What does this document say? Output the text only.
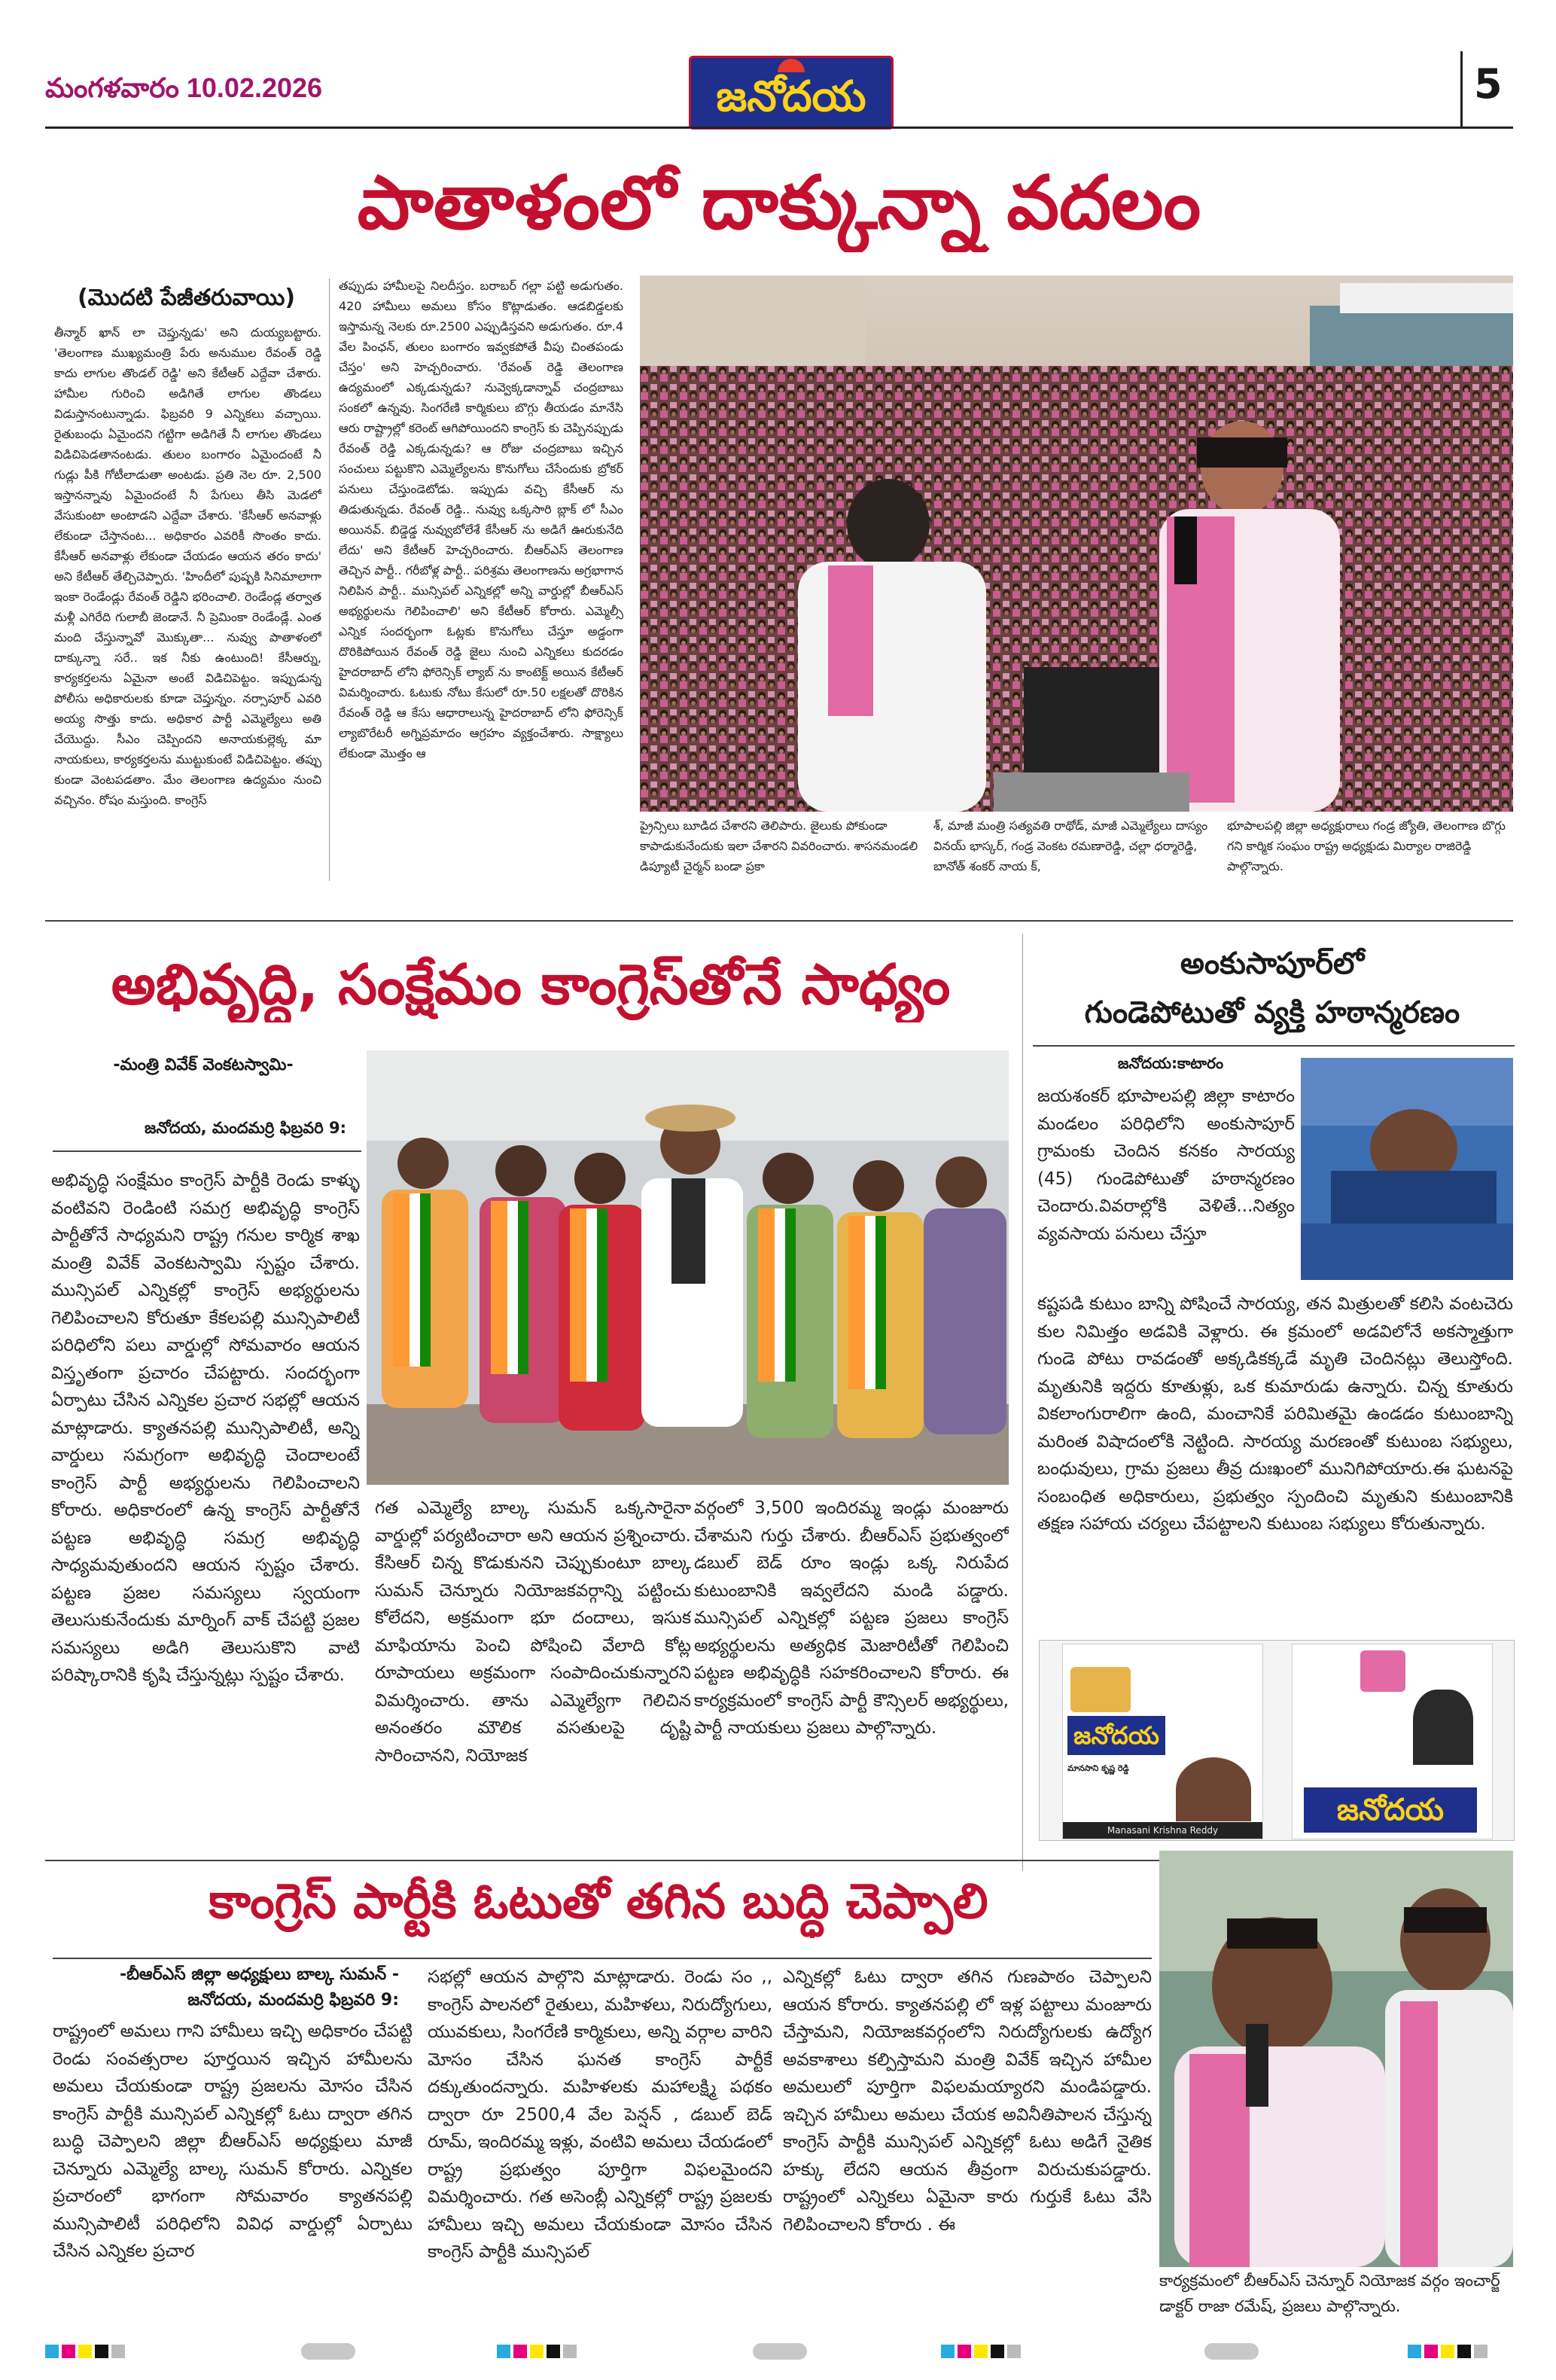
మంగళవారం 10.02.2026	జనోదయ	5
పాతాళంలో దాక్కున్నా వదలం
(మొదటి పేజీతరువాయి)
తీన్మార్ ఖాన్ లా చెప్తున్నడు' అని దుయ్యబట్టారు. 'తెలంగాణ ముఖ్యమంత్రి పేరు అనుముల రేవంత్ రెడ్డి కాదు లాగుల తొండల్ రెడ్డి' అని కేటీఆర్ ఎద్దేవా చేశారు. హామీల గురించి అడిగితే లాగుల తొండలు విడుస్తానంటున్నాడు. ఫిబ్రవరి 9 ఎన్నికలు వచ్చాయి. రైతుబంధు ఏమైందని గట్టిగా అడిగితే నీ లాగుల తొండలు విడిచిపెడతానంటడు. తులం బంగారం ఏమైందంటే నీ గుడ్లు పీకి గోటీలాడుతా అంటడు. ప్రతి నెల రూ. 2,500 ఇస్తానన్నావు ఏమైందంటే నీ పేగులు తీసి మెడలో వేసుకుంటా అంటాడని ఎద్దేవా చేశారు. 'కేసీఆర్ అనవాళ్లు లేకుండా చేస్తానంట... అధికారం ఎవరికీ సొంతం కాదు. కేసీఆర్ అనవాళ్లు లేకుండా చేయడం ఆయన తరం కాదు' అని కేటీఆర్ తేల్చిచెప్పారు. 'హిందీలో పుష్పకి సినిమాలాగా ఇంకా రెండేండ్లు రేవంత్ రెడ్డిని భరించాలి. రెండేండ్ల తర్వాత మళ్లీ ఎగిరేది గులాబీ జెండానే. నీ ప్రెమింకా రెండేండ్లే. ఎంత మంది చేస్తున్నావో మొక్కుతా... నువ్వు పాతాళంలో దాక్కున్నా సరే.. ఇక నీకు ఉంటుంది! కేసీఆర్ను, కార్యకర్తలను ఏమైనా అంటే విడిచిపెట్టం. ఇప్పుడున్న పోలీసు అధికారులకు కూడా చెప్తున్నం. నర్సాపూర్ ఎవరి అయ్య సొత్తు కాదు. అధికార పార్టీ ఎమ్మెల్యేలు అతి చేయొద్దు. సీఎం చెప్పిందని అనాయకుల్లెక్క మా నాయకులు, కార్యకర్తలను ముట్టుకుంటే విడిచిపెట్టం. తప్పు కుండా వెంటపడతాం. మేం తెలంగాణ ఉద్యమం నుంచి వచ్చినం. రోషం మస్తుంది. కాంగ్రెస్
తప్పుడు హామీలపై నిలదీస్తం. బరాబర్ గల్లా పట్టి అడుగుతం. 420 హామీలు అమలు కోసం కొట్లాడుతం. ఆడబిడ్డలకు ఇస్తామన్న నెలకు రూ.2500 ఎప్పుడిస్తవని అడుగుతం. రూ.4 వేల పింఛన్, తులం బంగారం ఇవ్వకపోతే వీపు చింతపండు చేస్తం' అని హెచ్చరించారు. 'రేవంత్ రెడ్డి తెలంగాణ ఉద్యమంలో ఎక్కడున్నడు? నువ్వెక్కడాన్నావ్ చంద్రబాబు సంకలో ఉన్నవు. సింగరేణి కార్మికులు బొగ్గు తీయడం మానేసి ఆరు రాష్ట్రాల్లో కరెంట్ ఆగిపోయిందని కాంగ్రెస్ కు చెప్పినప్పుడు రేవంత్ రెడ్డి ఎక్కడున్నడు? ఆ రోజు చంద్రబాబు ఇచ్చిన సంచులు పట్టుకొని ఎమ్మెల్యేలను కొనుగోలు చేసేందుకు బ్రోకర్ పనులు చేస్తుండెటోడు. ఇప్పుడు వచ్చి కేసీఆర్ ను తిడుతున్నడు. రేవంత్ రెడ్డి.. నువ్వు ఒక్కసారి బ్లాక్ లో సీఎం అయినవ్. బిడ్డెడ్డ నువ్వుబోలేశే కేసీఆర్ ను అడిగే ఊరుకునేది లేదు' అని కేటీఆర్ హెచ్చరించారు. బీఆర్ఎస్ తెలంగాణ తెచ్చిన పార్టీ.. గరీబోళ్ల పార్టీ.. పరిశ్రమ తెలంగాణను అగ్రభాగాన నిలిపిన పార్టీ.. మున్సిపల్ ఎన్నికల్లో అన్ని వార్డుల్లో బీఆర్ఎస్ అభ్యర్థులను గెలిపించాలి' అని కేటీఆర్ కోరారు. ఎమ్మెల్సీ ఎన్నిక సందర్భంగా ఓట్లకు కొనుగోలు చేస్తూ అడ్డంగా దొరికిపోయిన రేవంత్ రెడ్డి జైలు నుంచి ఎన్నికలు కుదరడం హైదరాబాద్ లోని ఫోరెన్సిక్ ల్యాబ్ ను కాంటెక్ట్ అయిన కేటీఆర్ విమర్శించారు. ఓటుకు నోటు కేసులో రూ.50 లక్షలతో దొరికిన రేవంత్ రెడ్డి ఆ కేసు ఆధారాలున్న హైదరాబాద్ లోని ఫోరెన్సిక్ ల్యాబొరేటరీ అగ్నిప్రమాదం ఆగ్రహం వ్యక్తంచేశారు. సాక్ష్యాలు లేకుండా మొత్తం ఆ
ప్రైన్సిలు బూడిద చేశారని తెలిపారు. జైలుకు పోకుండా కాపాడుకునేందుకు ఇలా చేశారని వివరించారు. శాసనమండలి డిప్యూటీ చైర్మన్ బండా ప్రకా
శ్, మాజీ మంత్రి సత్యవతి రాథోడ్, మాజీ ఎమ్మెల్యేలు దాస్యం వినయ్ భాస్కర్, గండ్ర వెంకట రమణారెడ్డి, చల్లా ధర్మారెడ్డి, బానోత్ శంకర్ నాయ క్,
భూపాలపల్లి జిల్లా అధ్యక్షురాలు గండ్ర జ్యోతి, తెలంగాణ బొగ్గు గని కార్మిక సంఘం రాష్ట్ర అధ్యక్షుడు మిర్యాల రాజిరెడ్డి పాల్గొన్నారు.
అభివృద్ధి, సంక్షేమం కాంగ్రెస్‌తోనే సాధ్యం
-మంత్రి వివేక్ వెంకటస్వామి-
జనోదయ, మందమర్రి ఫిబ్రవరి 9:
అభివృద్ధి సంక్షేమం కాంగ్రెస్ పార్టీకి రెండు కాళ్ళు వంటివని రెండింటి సమగ్ర అభివృద్ధి కాంగ్రెస్ పార్టీతోనే సాధ్యమని రాష్ట్ర గనుల కార్మిక శాఖ మంత్రి వివేక్ వెంకటస్వామి స్పష్టం చేశారు. మున్సిపల్ ఎన్నికల్లో కాంగ్రెస్ అభ్యర్థులను గెలిపించాలని కోరుతూ కేకలపల్లి మున్సిపాలిటీ పరిధిలోని పలు వార్డుల్లో సోమవారం ఆయన విస్తృతంగా ప్రచారం చేపట్టారు. సందర్భంగా ఏర్పాటు చేసిన ఎన్నికల ప్రచార సభల్లో ఆయన మాట్లాడారు. క్యాతనపల్లి మున్సిపాలిటీ, అన్ని వార్డులు సమగ్రంగా అభివృద్ధి చెందాలంటే కాంగ్రెస్ పార్టీ అభ్యర్థులను గెలిపించాలని కోరారు. అధికారంలో ఉన్న కాంగ్రెస్ పార్టీతోనే పట్టణ అభివృద్ధి సమగ్ర అభివృద్ధి సాధ్యమవుతుందని ఆయన స్పష్టం చేశారు. పట్టణ ప్రజల సమస్యలు స్వయంగా తెలుసుకునేందుకు మార్నింగ్ వాక్ చేపట్టి ప్రజల సమస్యలు అడిగి తెలుసుకొని వాటి పరిష్కారానికి కృషి చేస్తున్నట్లు స్పష్టం చేశారు.
గత ఎమ్మెల్యే బాల్క సుమన్ ఒక్కసారైనా వార్డుల్లో పర్యటించారా అని ఆయన ప్రశ్నించారు. కేసిఆర్ చిన్న కొడుకునని చెప్పుకుంటూ బాల్క సుమన్ చెన్నూరు నియోజకవర్గాన్ని పట్టించు కోలేదని, అక్రమంగా భూ దందాలు, ఇసుక మాఫియాను పెంచి పోషించి వేలాది కోట్ల రూపాయలు అక్రమంగా సంపాదించుకున్నారని విమర్శించారు. తాను ఎమ్మెల్యేగా గెలిచిన అనంతరం మౌలిక వసతులపై దృష్టి సారించానని, నియోజక
వర్గంలో 3,500 ఇందిరమ్మ ఇండ్లు మంజూరు చేశామని గుర్తు చేశారు. బీఆర్ఎస్ ప్రభుత్వంలో డబుల్ బెడ్ రూం ఇండ్లు ఒక్క నిరుపేద కుటుంబానికి ఇవ్వలేదని మండి పడ్డారు. మున్సిపల్ ఎన్నికల్లో పట్టణ ప్రజలు కాంగ్రెస్ అభ్యర్థులను అత్యధిక మెజారిటీతో గెలిపించి పట్టణ అభివృద్ధికి సహకరించాలని కోరారు. ఈ కార్యక్రమంలో కాంగ్రెస్ పార్టీ కౌన్సిలర్ అభ్యర్థులు, పార్టీ నాయకులు ప్రజలు పాల్గొన్నారు.
అంకుసాపూర్‌లో
గుండెపోటుతో వ్యక్తి హఠాన్మరణం
జనోదయ:కాటారం
జయశంకర్ భూపాలపల్లి జిల్లా కాటారం మండలం పరిధిలోని అంకుసాపూర్ గ్రామంకు చెందిన కనకం సారయ్య (45) గుండెపోటుతో హఠాన్మరణం చెందారు.వివరాల్లోకి వెళితే...నిత్యం వ్యవసాయ పనులు చేస్తూ
కష్టపడి కుటుం బాన్ని పోషించే సారయ్య, తన మిత్రులతో కలిసి వంటచెరు కుల నిమిత్తం అడవికి వెళ్లారు. ఈ క్రమంలో అడవిలోనే అకస్మాత్తుగా గుండె పోటు రావడంతో అక్కడికక్కడే మృతి చెందినట్లు తెలుస్తోంది. మృతునికి ఇద్దరు కూతుళ్లు, ఒక కుమారుడు ఉన్నారు. చిన్న కూతురు వికలాంగురాలిగా ఉంది, మంచానికే పరిమితమై ఉండడం కుటుంబాన్ని మరింత విషాదంలోకి నెట్టింది. సారయ్య మరణంతో కుటుంబ సభ్యులు, బంధువులు, గ్రామ ప్రజలు తీవ్ర దుఃఖంలో మునిగిపోయారు.ఈ ఘటనపై సంబంధిత అధికారులు, ప్రభుత్వం స్పందించి మృతుని కుటుంబానికి తక్షణ సహాయ చర్యలు చేపట్టాలని కుటుంబ సభ్యులు కోరుతున్నారు.
జనోదయ
మానసాని కృష్ణ రెడ్డి
Manasani Krishna Reddy
జనోదయ
కాంగ్రెస్ పార్టీకి ఓటుతో తగిన బుద్ధి చెప్పాలి
-బీఆర్ఎస్ జిల్లా అధ్యక్షులు బాల్క సుమన్ -
జనోదయ, మందమర్రి ఫిబ్రవరి 9:
రాష్ట్రంలో అమలు గాని హామీలు ఇచ్చి అధికారం చేపట్టి రెండు సంవత్సరాల పూర్తయిన ఇచ్చిన హామీలను అమలు చేయకుండా రాష్ట్ర ప్రజలను మోసం చేసిన కాంగ్రెస్ పార్టీకి మున్సిపల్ ఎన్నికల్లో ఓటు ద్వారా తగిన బుద్ధి చెప్పాలని జిల్లా బీఆర్ఎస్ అధ్యక్షులు మాజీ చెన్నూరు ఎమ్మెల్యే బాల్క సుమన్ కోరారు. ఎన్నికల ప్రచారంలో భాగంగా సోమవారం క్యాతనపల్లి మున్సిపాలిటీ పరిధిలోని వివిధ వార్డుల్లో ఏర్పాటు చేసిన ఎన్నికల ప్రచార
సభల్లో ఆయన పాల్గొని మాట్లాడారు. రెండు సం ,, కాంగ్రెస్ పాలనలో రైతులు, మహిళలు, నిరుద్యోగులు, యువకులు, సింగరేణి కార్మికులు, అన్ని వర్గాల వారిని మోసం చేసిన ఘనత కాంగ్రెస్ పార్టీకే దక్కుతుందన్నారు. మహిళలకు మహాలక్ష్మి పథకం ద్వారా రూ 2500,4 వేల పెన్షన్ , డబుల్ బెడ్ రూమ్, ఇందిరమ్మ ఇళ్లు, వంటివి అమలు చేయడంలో రాష్ట్ర ప్రభుత్వం పూర్తిగా విఫలమైందని విమర్శించారు. గత అసెంబ్లీ ఎన్నికల్లో రాష్ట్ర ప్రజలకు హామీలు ఇచ్చి అమలు చేయకుండా మోసం చేసిన కాంగ్రెస్ పార్టీకి మున్సిపల్
ఎన్నికల్లో ఓటు ద్వారా తగిన గుణపాఠం చెప్పాలని ఆయన కోరారు. క్యాతనపల్లి లో ఇళ్ల పట్టాలు మంజూరు చేస్తామని, నియోజకవర్గంలోని నిరుద్యోగులకు ఉద్యోగ అవకాశాలు కల్పిస్తామని మంత్రి వివేక్ ఇచ్చిన హామీల అమలులో పూర్తిగా విఫలమయ్యారని మండిపడ్డారు. ఇచ్చిన హామీలు అమలు చేయక అవినీతిపాలన చేస్తున్న కాంగ్రెస్ పార్టీకి మున్సిపల్ ఎన్నికల్లో ఓటు అడిగే నైతిక హక్కు లేదని ఆయన తీవ్రంగా విరుచుకుపడ్డారు. రాష్ట్రంలో ఎన్నికలు ఏమైనా కారు గుర్తుకే ఓటు వేసి గెలిపించాలని కోరారు . ఈ
కార్యక్రమంలో బీఆర్ఎస్ చెన్నూర్ నియోజక వర్గం ఇంచార్జ్ డాక్టర్ రాజా రమేష్, ప్రజలు పాల్గొన్నారు.
